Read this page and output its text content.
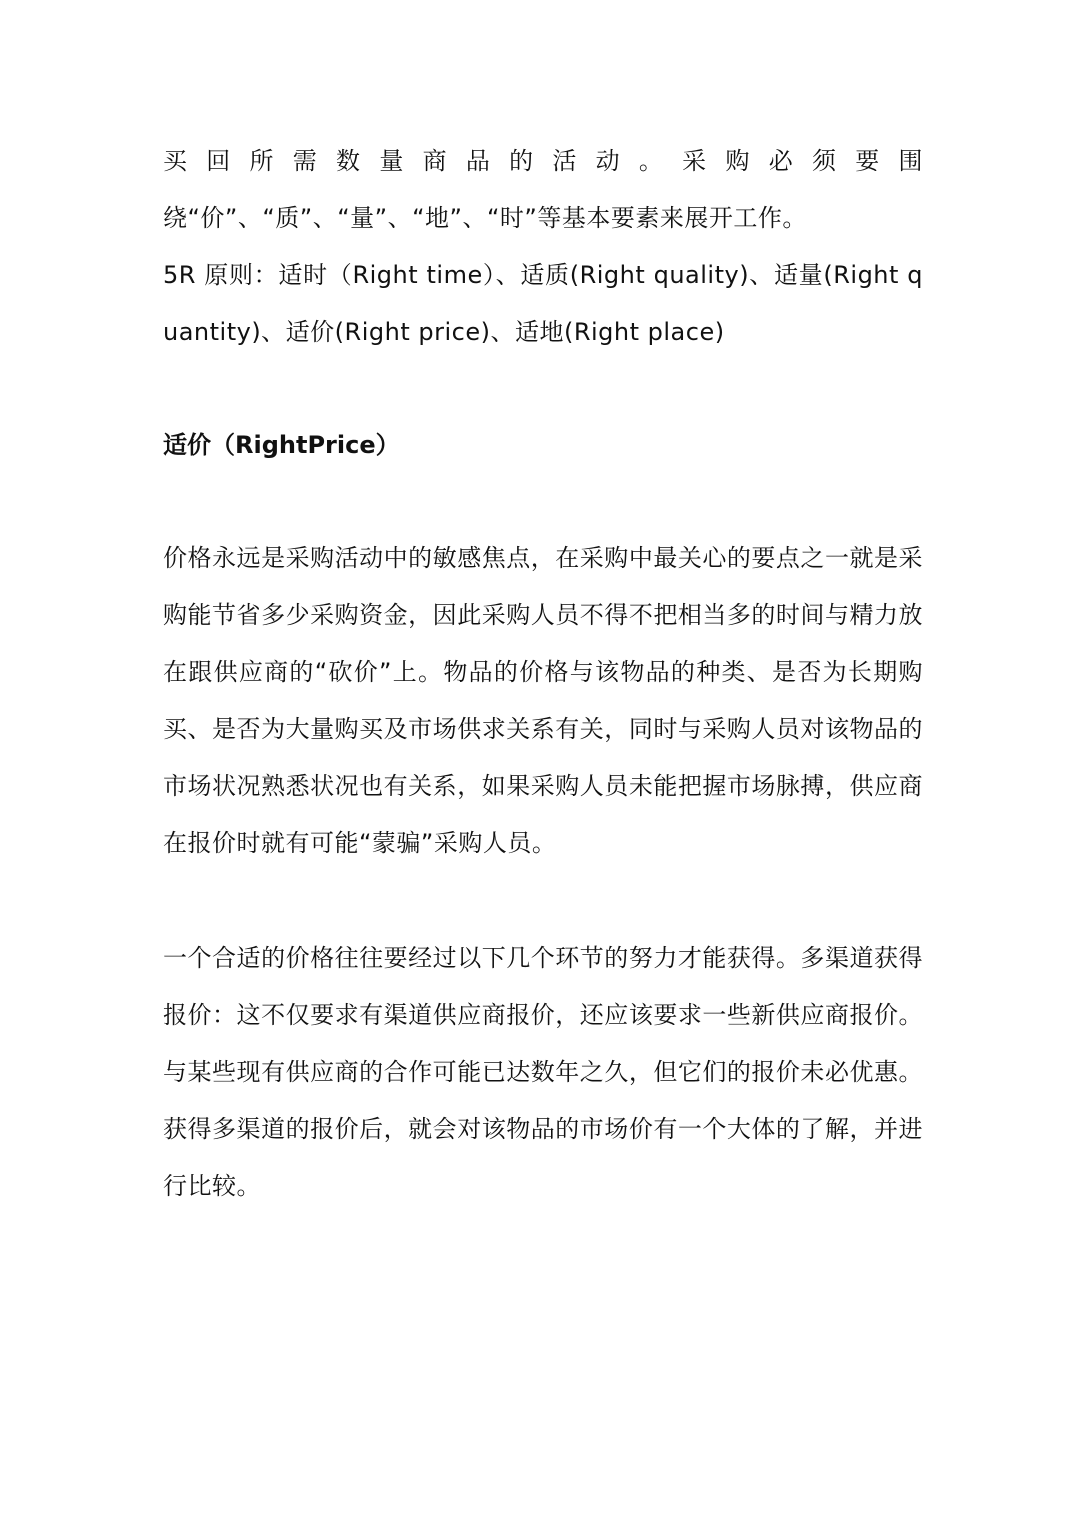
买回所需数量商品的活动。采购必须要围绕“价”、“质”、“量”、“地”、“时”等基本要素来展开工作。

5R 原则：适时（Right time）、适质(Right quality)、适量(Right quantity)、适价(Right price)、适地(Right place)

适价（RightPrice）

价格永远是采购活动中的敏感焦点，在采购中最关心的要点之一就是采购能节省多少采购资金，因此采购人员不得不把相当多的时间与精力放在跟供应商的“砍价”上。物品的价格与该物品的种类、是否为长期购买、是否为大量购买及市场供求关系有关，同时与采购人员对该物品的市场状况熟悉状况也有关系，如果采购人员未能把握市场脉搏，供应商在报价时就有可能“蒙骗”采购人员。

一个合适的价格往往要经过以下几个环节的努力才能获得。多渠道获得报价：这不仅要求有渠道供应商报价，还应该要求一些新供应商报价。与某些现有供应商的合作可能已达数年之久，但它们的报价未必优惠。获得多渠道的报价后，就会对该物品的市场价有一个大体的了解，并进行比较。
